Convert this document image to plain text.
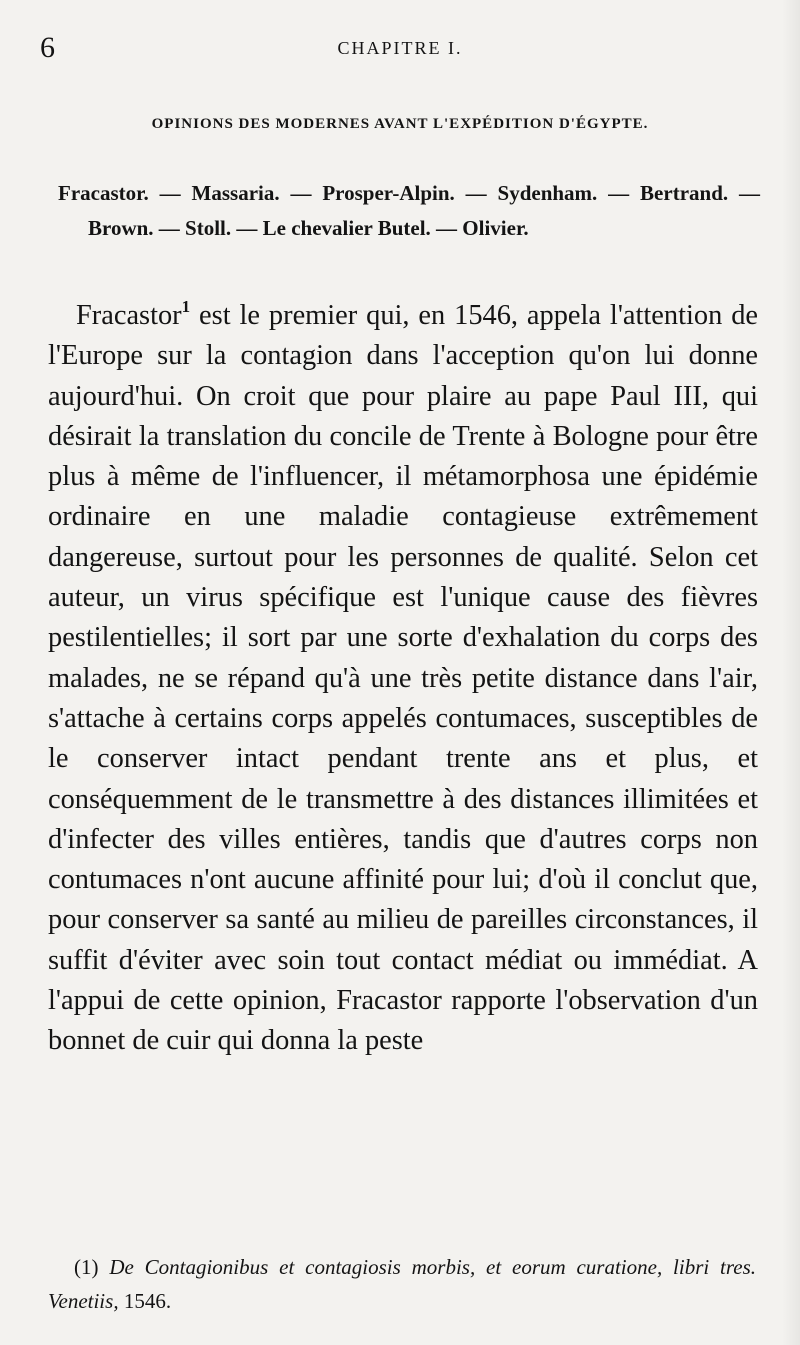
6	CHAPITRE I.
OPINIONS DES MODERNES AVANT L'EXPÉDITION D'ÉGYPTE.
Fracastor. — Massaria. — Prosper-Alpin. — Sydenham. — Bertrand. — Brown. — Stoll. — Le chevalier Butel. — Olivier.

Fracastor$^1$ est le premier qui, en 1546, appela l'attention de l'Europe sur la contagion dans l'acception qu'on lui donne aujourd'hui. On croit que pour plaire au pape Paul III, qui désirait la translation du concile de Trente à Bologne pour être plus à même de l'influencer, il métamorphosa une épidémie ordinaire en une maladie contagieuse extrêmement dangereuse, surtout pour les personnes de qualité. Selon cet auteur, un virus spécifique est l'unique cause des fièvres pestilentielles; il sort par une sorte d'exhalation du corps des malades, ne se répand qu'à une très petite distance dans l'air, s'attache à certains corps appelés contumaces, susceptibles de le conserver intact pendant trente ans et plus, et conséquemment de le transmettre à des distances illimitées et d'infecter des villes entières, tandis que d'autres corps non contumaces n'ont aucune affinité pour lui; d'où il conclut que, pour conserver sa santé au milieu de pareilles circonstances, il suffit d'éviter avec soin tout contact médiat ou immédiat. A l'appui de cette opinion, Fracastor rapporte l'observation d'un bonnet de cuir qui donna la peste

(1) De Contagionibus et contagiosis morbis, et eorum curatione, libri tres. Venetiis, 1546.
